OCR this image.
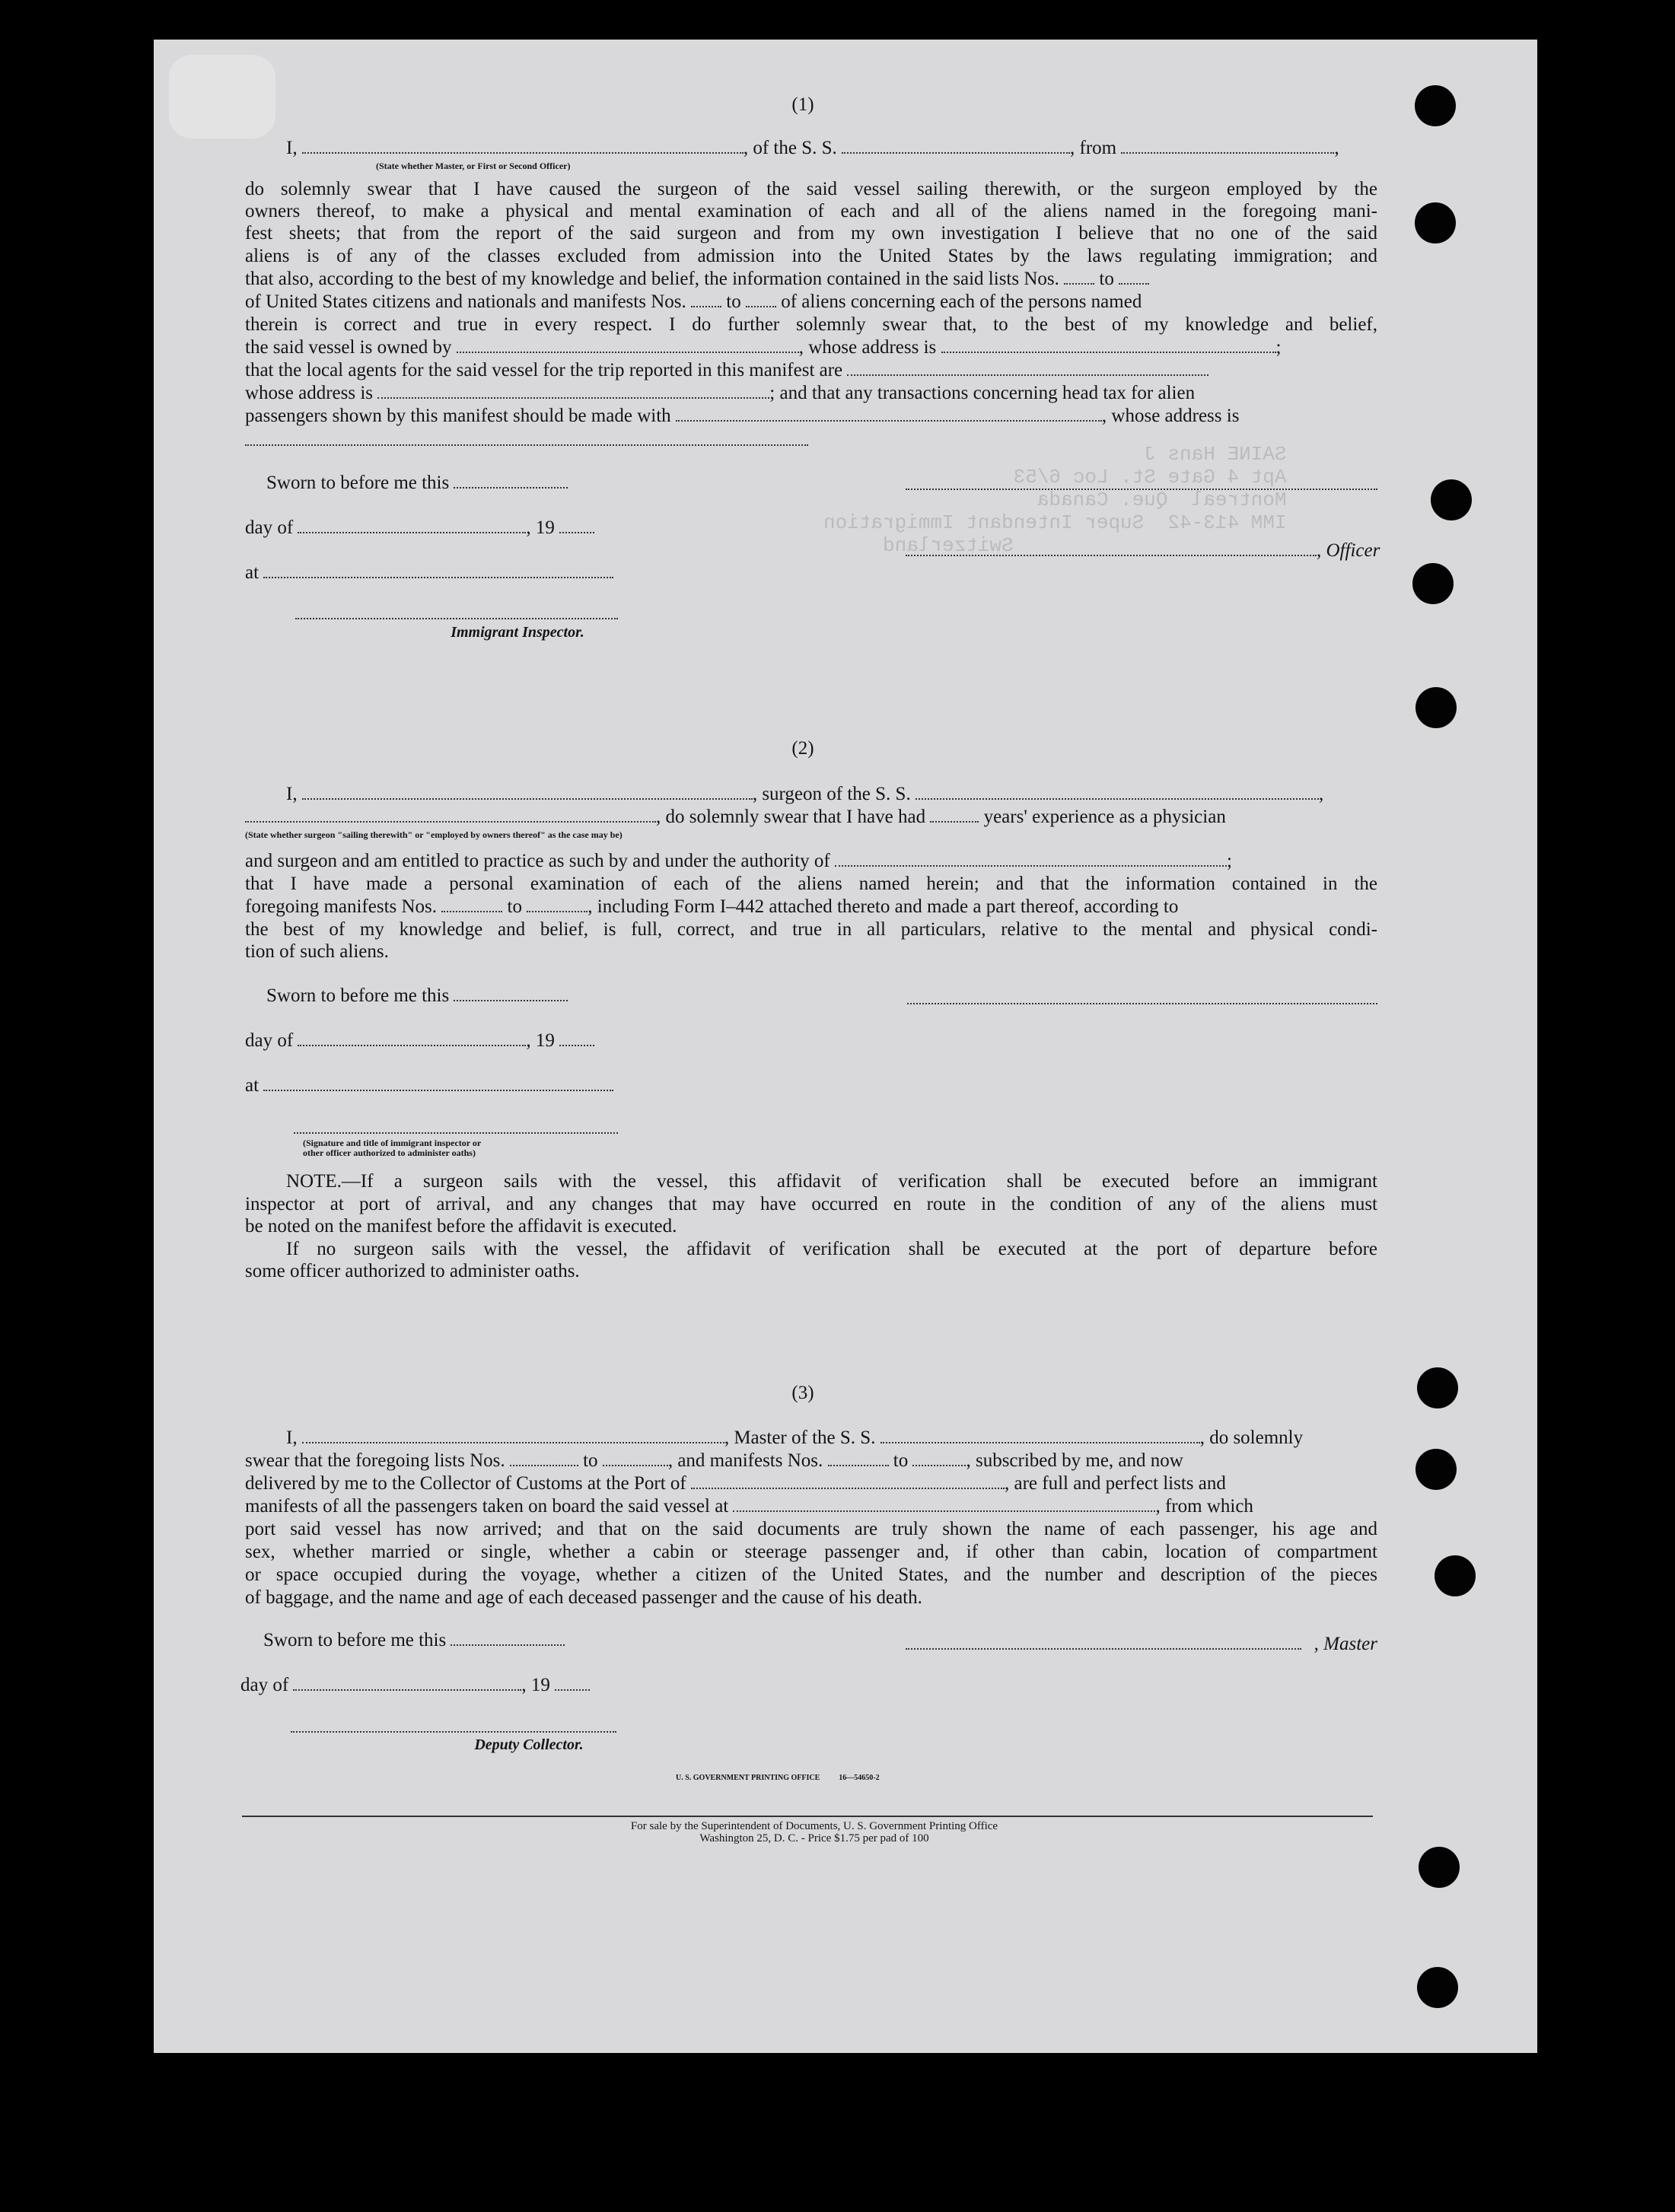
SAINE Hans J
Apt 4 Gate St. Loc 6/53
Montreal  Que. Canada
IMM 413-42  Super Intendant Immigration
Switzerland
(1)
I,	, of the S. S.	, from	,
(State whether Master, or First or Second Officer)
do solemnly swear that I have caused the surgeon of the said vessel sailing therewith, or the surgeon employed by the
owners thereof, to make a physical and mental examination of each and all of the aliens named in the foregoing mani-
fest sheets; that from the report of the said surgeon and from my own investigation I believe that no one of the said
aliens is of any of the classes excluded from admission into the United States by the laws regulating immigration; and
that also, according to the best of my knowledge and belief, the information contained in the said lists Nos. to
of United States citizens and nationals and manifests Nos. to of aliens concerning each of the persons named
therein is correct and true in every respect. I do further solemnly swear that, to the best of my knowledge and belief,
the said vessel is owned by	, whose address is	;
that the local agents for the said vessel for the trip reported in this manifest are
whose address is	; and that any transactions concerning head tax for alien
passengers shown by this manifest should be made with	, whose address is
Sworn to before me this
day of	, 19
, Officer
at
Immigrant Inspector.
(2)
I,	, surgeon of the S. S.	,
, do solemnly swear that I have had	years' experience as a physician
(State whether surgeon "sailing therewith" or "employed by owners thereof" as the case may be)
and surgeon and am entitled to practice as such by and under the authority of	;
that I have made a personal examination of each of the aliens named herein; and that the information contained in the
foregoing manifests Nos.	to	, including Form I–442 attached thereto and made a part thereof, according to
the best of my knowledge and belief, is full, correct, and true in all particulars, relative to the mental and physical condi-
tion of such aliens.
Sworn to before me this
day of	, 19
at
(Signature and title of immigrant inspector or
other officer authorized to administer oaths)
NOTE.—If a surgeon sails with the vessel, this affidavit of verification shall be executed before an immigrant
inspector at port of arrival, and any changes that may have occurred en route in the condition of any of the aliens must
be noted on the manifest before the affidavit is executed.
If no surgeon sails with the vessel, the affidavit of verification shall be executed at the port of departure before
some officer authorized to administer oaths.
(3)
I,	, Master of the S. S.	, do solemnly
swear that the foregoing lists Nos.	to	, and manifests Nos.	to	, subscribed by me, and now
delivered by me to the Collector of Customs at the Port of	, are full and perfect lists and
manifests of all the passengers taken on board the said vessel at	, from which
port said vessel has now arrived; and that on the said documents are truly shown the name of each passenger, his age and
sex, whether married or single, whether a cabin or steerage passenger and, if other than cabin, location of compartment
or space occupied during the voyage, whether a citizen of the United States, and the number and description of the pieces
of baggage, and the name and age of each deceased passenger and the cause of his death.
Sworn to before me this	, Master
day of	, 19
Deputy Collector.
U. S. GOVERNMENT PRINTING OFFICE          16—54650-2
For sale by the Superintendent of Documents, U. S. Government Printing Office
Washington 25, D. C. - Price $1.75 per pad of 100
